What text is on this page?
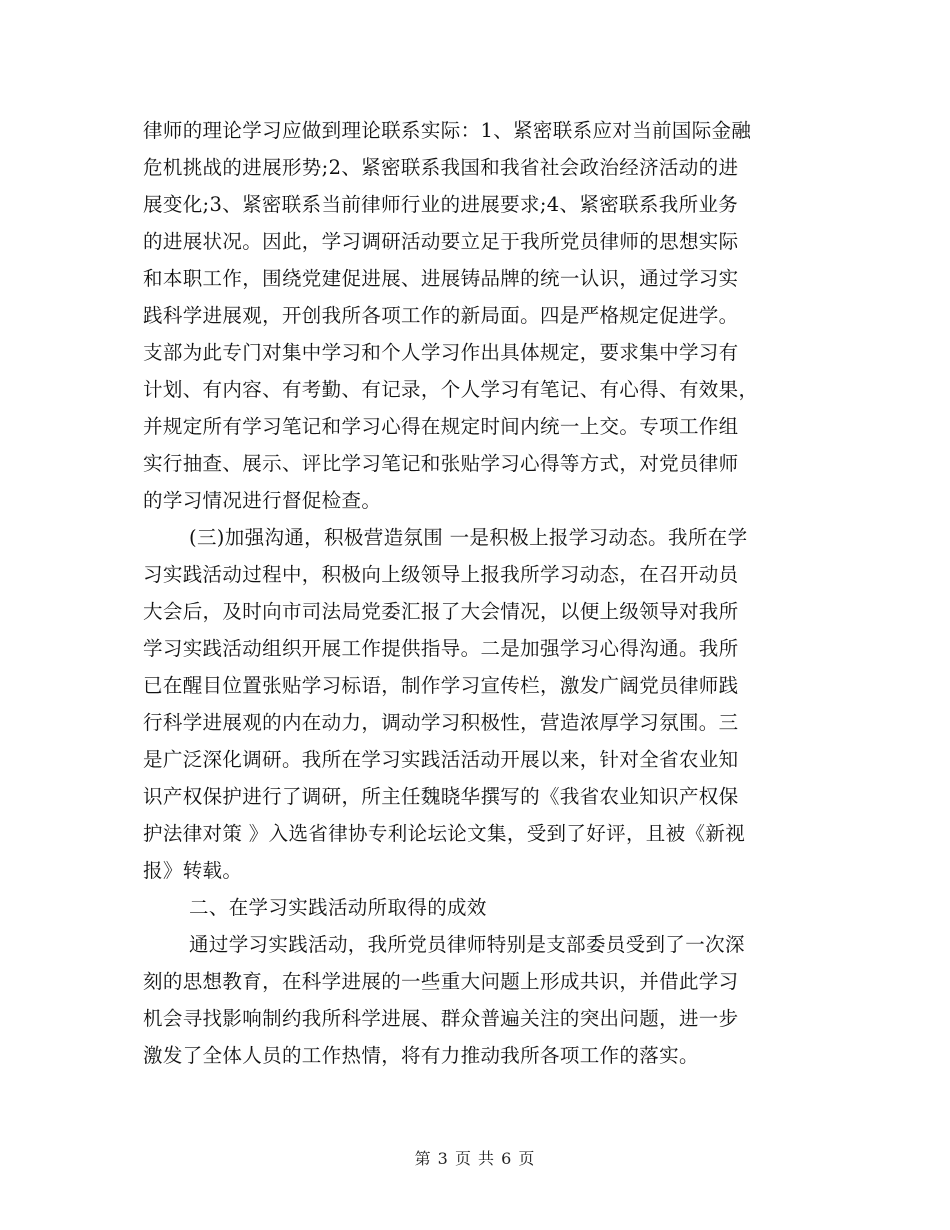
律师的理论学习应做到理论联系实际：1、紧密联系应对当前国际金融
危机挑战的进展形势;2、紧密联系我国和我省社会政治经济活动的进
展变化;3、紧密联系当前律师行业的进展要求;4、紧密联系我所业务
的进展状况。因此，学习调研活动要立足于我所党员律师的思想实际
和本职工作，围绕党建促进展、进展铸品牌的统一认识，通过学习实
践科学进展观，开创我所各项工作的新局面。四是严格规定促进学。
支部为此专门对集中学习和个人学习作出具体规定，要求集中学习有
计划、有内容、有考勤、有记录，个人学习有笔记、有心得、有效果，
并规定所有学习笔记和学习心得在规定时间内统一上交。专项工作组
实行抽查、展示、评比学习笔记和张贴学习心得等方式，对党员律师
的学习情况进行督促检查。
(三)加强沟通，积极营造氛围 一是积极上报学习动态。我所在学
习实践活动过程中，积极向上级领导上报我所学习动态，在召开动员
大会后，及时向市司法局党委汇报了大会情况，以便上级领导对我所
学习实践活动组织开展工作提供指导。二是加强学习心得沟通。我所
已在醒目位置张贴学习标语，制作学习宣传栏，激发广阔党员律师践
行科学进展观的内在动力，调动学习积极性，营造浓厚学习氛围。三
是广泛深化调研。我所在学习实践活活动开展以来，针对全省农业知
识产权保护进行了调研，所主任魏晓华撰写的《我省农业知识产权保
护法律对策 》入选省律协专利论坛论文集，受到了好评，且被《新视
报》转载。
二、在学习实践活动所取得的成效
通过学习实践活动，我所党员律师特别是支部委员受到了一次深
刻的思想教育，在科学进展的一些重大问题上形成共识，并借此学习
机会寻找影响制约我所科学进展、群众普遍关注的突出问题，进一步
激发了全体人员的工作热情，将有力推动我所各项工作的落实。
第 3 页 共 6 页
